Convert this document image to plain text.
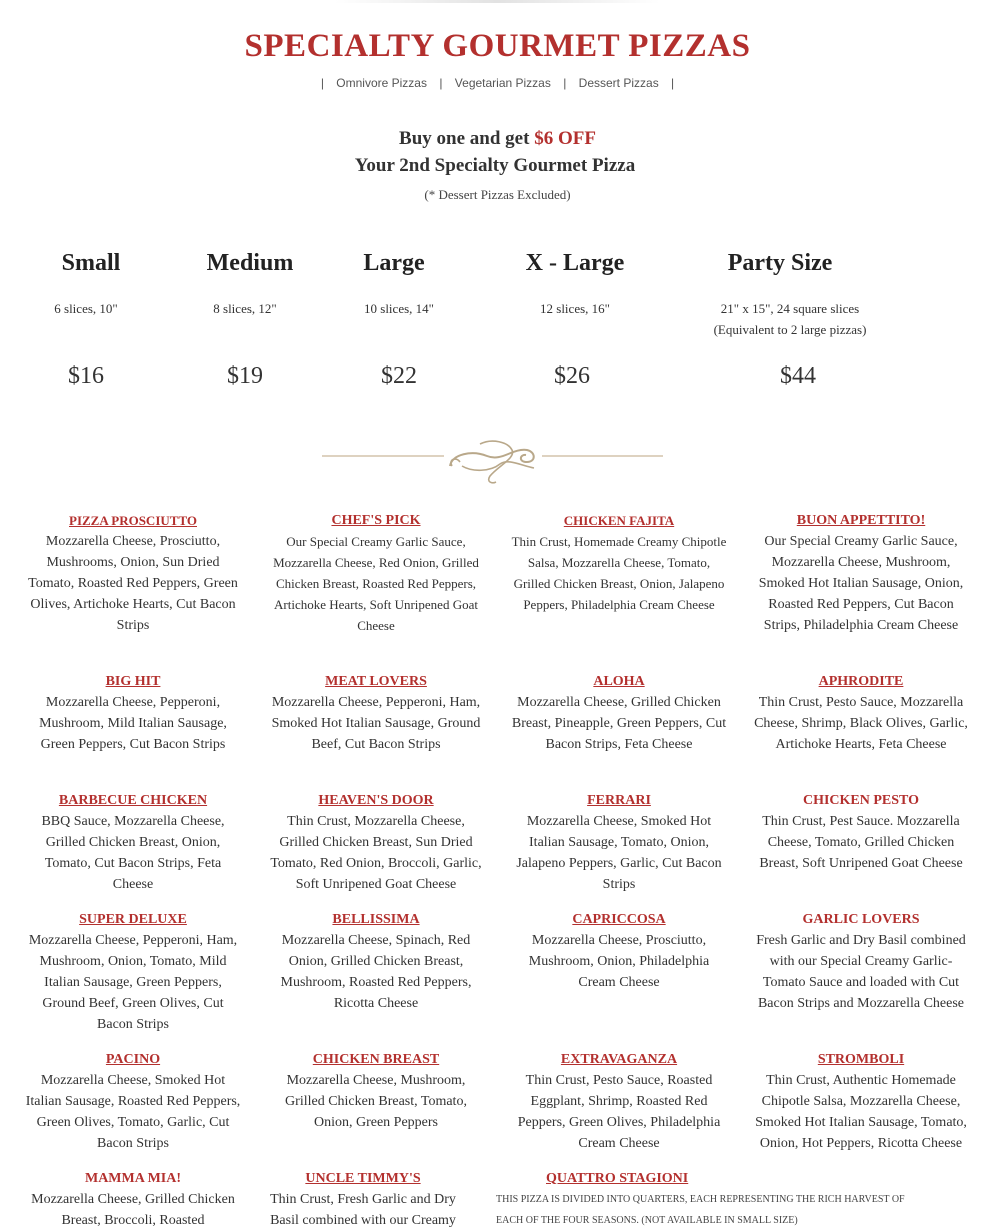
SPECIALTY GOURMET PIZZAS
| Omnivore Pizzas | Vegetarian Pizzas | Dessert Pizzas |
Buy one and get $6 OFF
Your 2nd Specialty Gourmet Pizza
(* Dessert Pizzas Excluded)
Small	Medium	Large	X - Large	Party Size
6 slices, 10"	8 slices, 12"	10 slices, 14"	12 slices, 16"	21" x 15", 24 square slices
(Equivalent to 2 large pizzas)
$16	$19	$22	$26	$44
PIZZA PROSCIUTTO
Mozzarella Cheese, Prosciutto, Mushrooms, Onion, Sun Dried Tomato, Roasted Red Peppers, Green Olives, Artichoke Hearts, Cut Bacon Strips
CHEF'S PICK
Our Special Creamy Garlic Sauce, Mozzarella Cheese, Red Onion, Grilled Chicken Breast, Roasted Red Peppers, Artichoke Hearts, Soft Unripened Goat Cheese
CHICKEN FAJITA
Thin Crust, Homemade Creamy Chipotle Salsa, Mozzarella Cheese, Tomato, Grilled Chicken Breast, Onion, Jalapeno Peppers, Philadelphia Cream Cheese
BUON APPETTITO!
Our Special Creamy Garlic Sauce, Mozzarella Cheese, Mushroom, Smoked Hot Italian Sausage, Onion, Roasted Red Peppers, Cut Bacon Strips, Philadelphia Cream Cheese
BIG HIT
Mozzarella Cheese, Pepperoni, Mushroom, Mild Italian Sausage, Green Peppers, Cut Bacon Strips
MEAT LOVERS
Mozzarella Cheese, Pepperoni, Ham, Smoked Hot Italian Sausage, Ground Beef, Cut Bacon Strips
ALOHA
Mozzarella Cheese, Grilled Chicken Breast, Pineapple, Green Peppers, Cut Bacon Strips, Feta Cheese
APHRODITE
Thin Crust, Pesto Sauce, Mozzarella Cheese, Shrimp, Black Olives, Garlic, Artichoke Hearts, Feta Cheese
BARBECUE CHICKEN
BBQ Sauce, Mozzarella Cheese, Grilled Chicken Breast, Onion, Tomato, Cut Bacon Strips, Feta Cheese
HEAVEN'S DOOR
Thin Crust, Mozzarella Cheese, Grilled Chicken Breast, Sun Dried Tomato, Red Onion, Broccoli, Garlic, Soft Unripened Goat Cheese
FERRARI
Mozzarella Cheese, Smoked Hot Italian Sausage, Tomato, Onion, Jalapeno Peppers, Garlic, Cut Bacon Strips
CHICKEN PESTO
Thin Crust, Pest Sauce. Mozzarella Cheese, Tomato, Grilled Chicken Breast, Soft Unripened Goat Cheese
SUPER DELUXE
Mozzarella Cheese, Pepperoni, Ham, Mushroom, Onion, Tomato, Mild Italian Sausage, Green Peppers, Ground Beef, Green Olives, Cut Bacon Strips
BELLISSIMA
Mozzarella Cheese, Spinach, Red Onion, Grilled Chicken Breast, Mushroom, Roasted Red Peppers, Ricotta Cheese
CAPRICCOSA
Mozzarella Cheese, Prosciutto, Mushroom, Onion, Philadelphia Cream Cheese
GARLIC LOVERS
Fresh Garlic and Dry Basil combined with our Special Creamy Garlic-Tomato Sauce and loaded with Cut Bacon Strips and Mozzarella Cheese
PACINO
Mozzarella Cheese, Smoked Hot Italian Sausage, Roasted Red Peppers, Green Olives, Tomato, Garlic, Cut Bacon Strips
CHICKEN BREAST
Mozzarella Cheese, Mushroom, Grilled Chicken Breast, Tomato, Onion, Green Peppers
EXTRAVAGANZA
Thin Crust, Pesto Sauce, Roasted Eggplant, Shrimp, Roasted Red Peppers, Green Olives, Philadelphia Cream Cheese
STROMBOLI
Thin Crust, Authentic Homemade Chipotle Salsa, Mozzarella Cheese, Smoked Hot Italian Sausage, Tomato, Onion, Hot Peppers, Ricotta Cheese
MAMMA MIA!
Mozzarella Cheese, Grilled Chicken Breast, Broccoli, Roasted
UNCLE TIMMY'S
Thin Crust, Fresh Garlic and Dry Basil combined with our Creamy
QUATTRO STAGIONI
THIS PIZZA IS DIVIDED INTO QUARTERS, EACH REPRESENTING THE RICH HARVEST OF EACH OF THE FOUR SEASONS. (NOT AVAILABLE IN SMALL SIZE)
